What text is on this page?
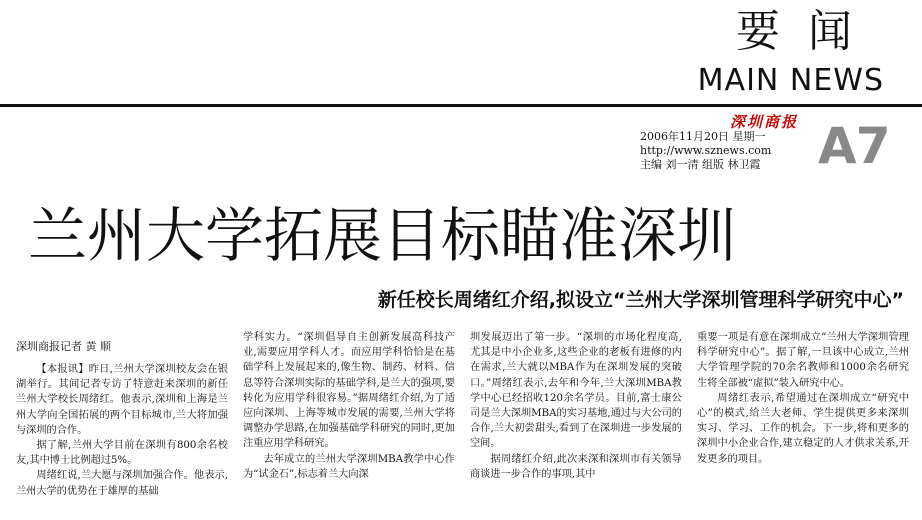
要闻
MAIN NEWS
深圳商报
2006年11月20日 星期一
http://www.sznews.com
主编 刘一清 组版 林卫霞 A7
兰州大学拓展目标瞄准深圳
新任校长周绪红介绍,拟设立“兰州大学深圳管理科学研究中心”
深圳商报记者 黄 顺

【本报讯】昨日,兰州大学深圳校友会在银湖举行。其间记者专访了特意赶来深圳的新任兰州大学校长周绪红。他表示,深圳和上海是兰州大学向全国拓展的两个目标城市,兰大将加强与深圳的合作。

据了解,兰州大学目前在深圳有800余名校友,其中博士比例超过5%。

周绪红说,兰大愿与深圳加强合作。他表示,兰州大学的优势在于雄厚的基础

学科实力。“深圳倡导自主创新发展高科技产业,需要应用学科人才。而应用学科恰恰是在基础学科上发展起来的,像生物、制药、材料、信息等符合深圳实际的基础学科,是兰大的强项,要转化为应用学科很容易。”据周绪红介绍,为了适应向深圳、上海等城市发展的需要,兰州大学将调整办学思路,在加强基础学科研究的同时,更加注重应用学科研究。

去年成立的兰州大学深圳MBA教学中心作为“试金石”,标志着兰大向深

圳发展迈出了第一步。“深圳的市场化程度高,尤其是中小企业多,这些企业的老板有进修的内在需求,兰大就以MBA作为在深圳发展的突破口。”周绪红表示,去年和今年,兰大深圳MBA教学中心已经招收120余名学员。目前,富士康公司是兰大深圳MBA的实习基地,通过与大公司的合作,兰大初尝甜头,看到了在深圳进一步发展的空间。

据周绪红介绍,此次来深和深圳市有关领导商谈进一步合作的事项,其中

重要一项是有意在深圳成立“兰州大学深圳管理科学研究中心”。据了解,一旦该中心成立,兰州大学管理学院的70余名教师和1000余名研究生将全部被“虚拟”装入研究中心。

周绪红表示,希望通过在深圳成立“研究中心”的模式,给兰大老师、学生提供更多来深圳实习、学习、工作的机会。下一步,将和更多的深圳中小企业合作,建立稳定的人才供求关系,开发更多的项目。
